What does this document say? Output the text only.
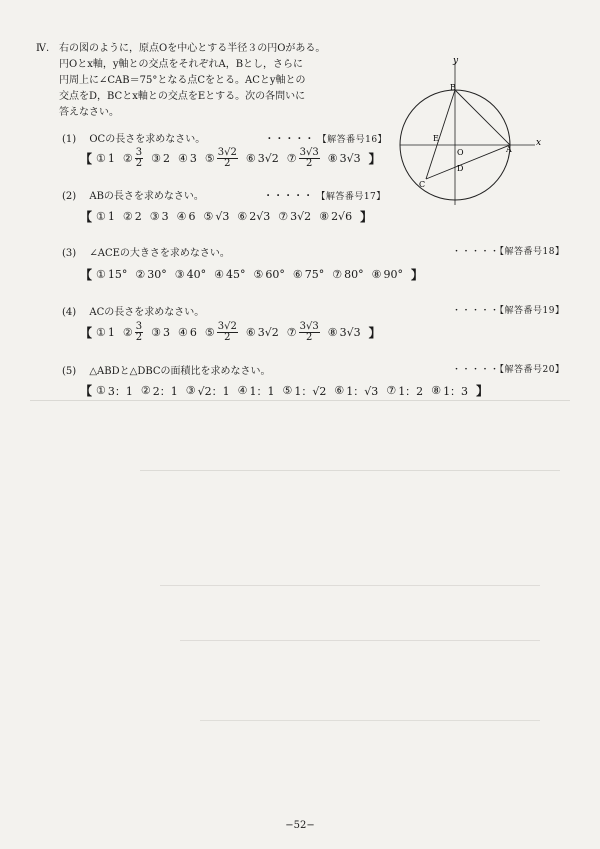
Ⅳ. 右の図のように，原点Oを中心とする半径３の円Oがある。
円Oとx軸，y軸との交点をそれぞれA，Bとし，さらに
円周上に∠CAB＝75°となる点Cをとる。ACとy軸との
交点をD，BCとx軸との交点をEとする。次の各問いに
答えなさい。
y
x
B
O	A
E
D
C
(1) OCの長さを求めなさい。	・・・・・ 【解答番号16】
【 ① 1 ② $\frac{3}{2}$ ③ 2 ④ 3 ⑤ $\frac{3√2}{2}$ ⑥ 3√2 ⑦ $\frac{3√3}{2}$ ⑧ 3√3 】
(2) ABの長さを求めなさい。	・・・・・ 【解答番号17】
【 ① 1 ② 2 ③ 3 ④ 6 ⑤ √3 ⑥ 2√3 ⑦ 3√2 ⑧ 2√6 】
(3) ∠ACEの大きさを求めなさい。	・・・・・【解答番号18】
【 ① 15° ② 30° ③ 40° ④ 45° ⑤ 60° ⑥ 75° ⑦ 80° ⑧ 90° 】
(4) ACの長さを求めなさい。	・・・・・【解答番号19】
【 ① 1 ② $\frac{3}{2}$ ③ 3 ④ 6 ⑤ $\frac{3√2}{2}$ ⑥ 3√2 ⑦ $\frac{3√3}{2}$ ⑧ 3√3 】
(5) △ABDと△DBCの面積比を求めなさい。	・・・・・【解答番号20】
【 ① 3：1 ② 2：1 ③ √2：1 ④ 1：1 ⑤ 1：√2 ⑥ 1：√3 ⑦ 1：2 ⑧ 1：3 】
−52−
